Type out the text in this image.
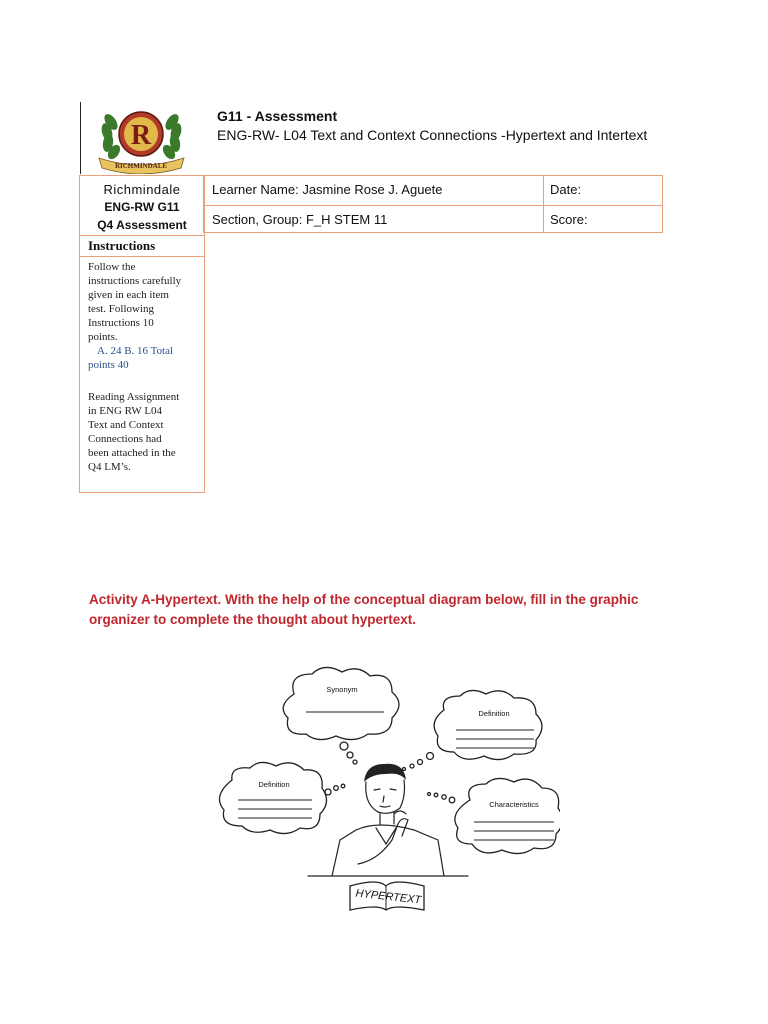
R
RICHMINDALE
G11 - Assessment
ENG-RW- L04 Text and Context Connections -Hypertext and Intertext
Richmindale
ENG-RW G11
Q4 Assessment
Instructions
Follow the
instructions carefully
given in each item
test. Following
Instructions 10
points.
A. 24 B. 16 Total
points 40
Reading Assignment
in ENG RW L04
Text and Context
Connections had
been attached in the
Q4 LM’s.
Learner Name: Jasmine Rose J. Aguete	Date:
Section, Group: F_H STEM 11	Score:
Activity A-Hypertext. With the help of the conceptual diagram below, fill in the graphic
organizer to complete the thought about hypertext.
Synonym
Definition
Definition
Characteristics
HYPERTEXT
